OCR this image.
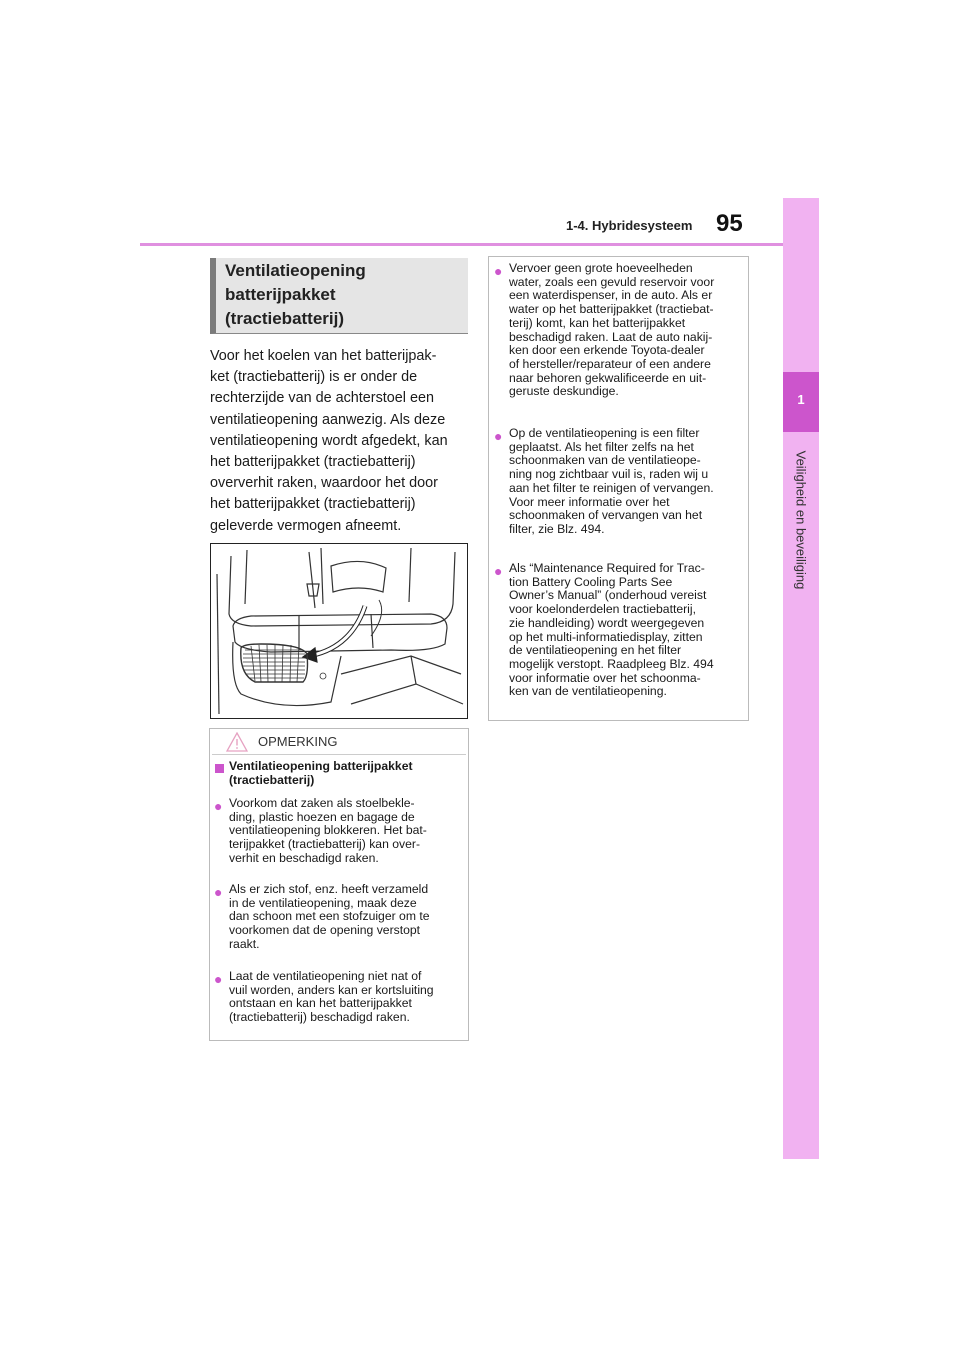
1-4. Hybridesysteem 95
1
Veiligheid en beveiliging
Ventilatieopening
batterijpakket
(tractiebatterij)

Voor het koelen van het batterijpak-
ket (tractiebatterij) is er onder de
rechterzijde van de achterstoel een
ventilatieopening aanwezig. Als deze
ventilatieopening wordt afgedekt, kan
het batterijpakket (tractiebatterij)
oververhit raken, waardoor het door
het batterijpakket (tractiebatterij)
geleverde vermogen afneemt.

OPMERKING
Ventilatieopening batterijpakket
(tractiebatterij)
● Voorkom dat zaken als stoelbekle-
ding, plastic hoezen en bagage de
ventilatieopening blokkeren. Het bat-
terijpakket (tractiebatterij) kan over-
verhit en beschadigd raken.
● Als er zich stof, enz. heeft verzameld
in de ventilatieopening, maak deze
dan schoon met een stofzuiger om te
voorkomen dat de opening verstopt
raakt.
● Laat de ventilatieopening niet nat of
vuil worden, anders kan er kortsluiting
ontstaan en kan het batterijpakket
(tractiebatterij) beschadigd raken.
● Vervoer geen grote hoeveelheden
water, zoals een gevuld reservoir voor
een waterdispenser, in de auto. Als er
water op het batterijpakket (tractiebat-
terij) komt, kan het batterijpakket
beschadigd raken. Laat de auto nakij-
ken door een erkende Toyota-dealer
of hersteller/reparateur of een andere
naar behoren gekwalificeerde en uit-
geruste deskundige.
● Op de ventilatieopening is een filter
geplaatst. Als het filter zelfs na het
schoonmaken van de ventilatieope-
ning nog zichtbaar vuil is, raden wij u
aan het filter te reinigen of vervangen.
Voor meer informatie over het
schoonmaken of vervangen van het
filter, zie Blz. 494.
● Als “Maintenance Required for Trac-
tion Battery Cooling Parts See
Owner’s Manual” (onderhoud vereist
voor koelonderdelen tractiebatterij,
zie handleiding) wordt weergegeven
op het multi-informatiedisplay, zitten
de ventilatieopening en het filter
mogelijk verstopt. Raadpleeg Blz. 494
voor informatie over het schoonma-
ken van de ventilatieopening.
